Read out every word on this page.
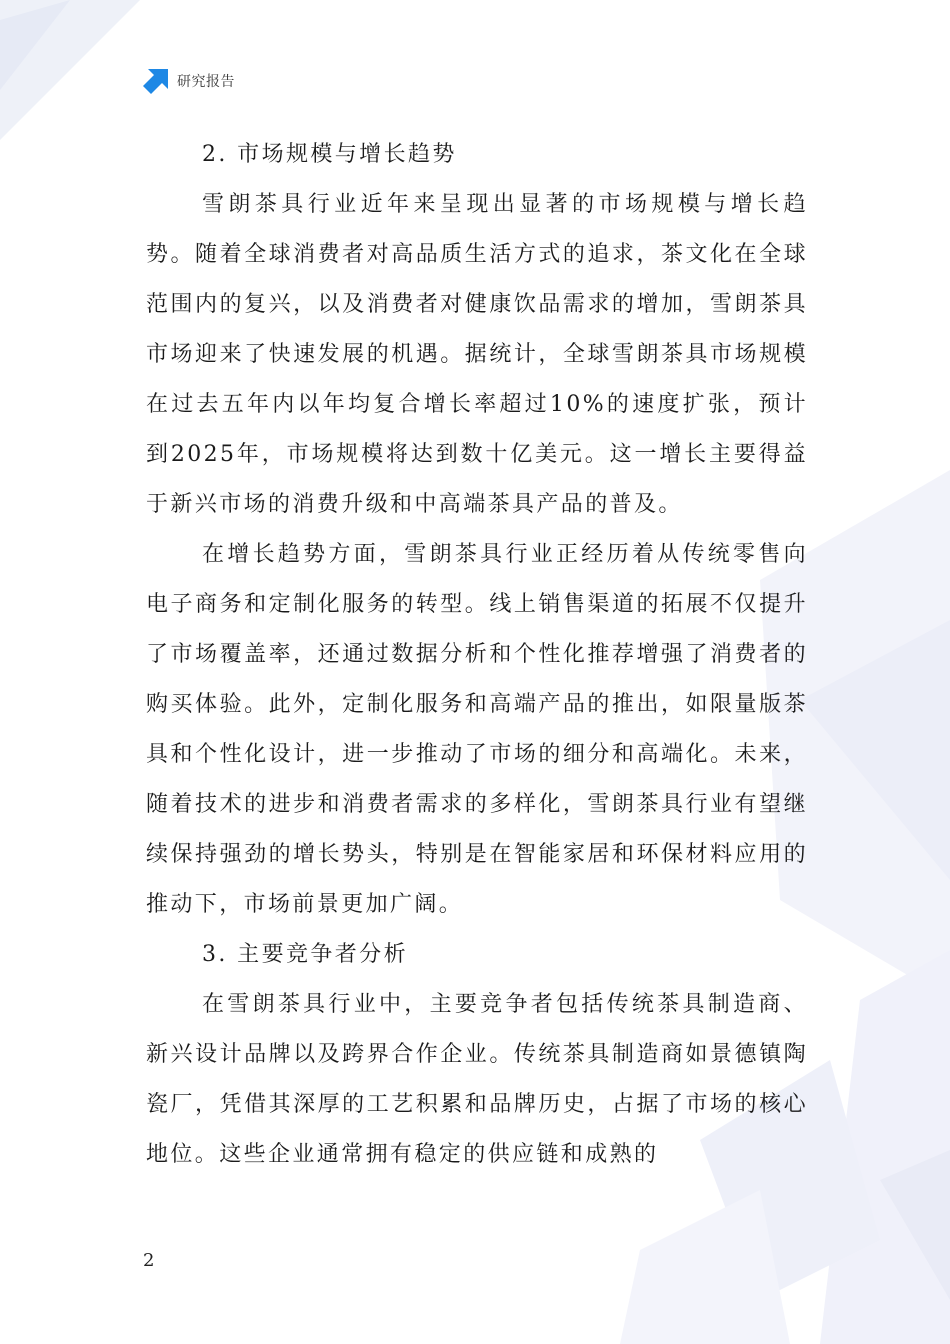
研究报告

2. 市场规模与增长趋势

雪朗茶具行业近年来呈现出显著的市场规模与增长趋势。随着全球消费者对高品质生活方式的追求，茶文化在全球范围内的复兴，以及消费者对健康饮品需求的增加，雪朗茶具市场迎来了快速发展的机遇。据统计，全球雪朗茶具市场规模在过去五年内以年均复合增长率超过10%的速度扩张，预计到2025年，市场规模将达到数十亿美元。这一增长主要得益于新兴市场的消费升级和中高端茶具产品的普及。

在增长趋势方面，雪朗茶具行业正经历着从传统零售向电子商务和定制化服务的转型。线上销售渠道的拓展不仅提升了市场覆盖率，还通过数据分析和个性化推荐增强了消费者的购买体验。此外，定制化服务和高端产品的推出，如限量版茶具和个性化设计，进一步推动了市场的细分和高端化。未来，随着技术的进步和消费者需求的多样化，雪朗茶具行业有望继续保持强劲的增长势头，特别是在智能家居和环保材料应用的推动下，市场前景更加广阔。

3. 主要竞争者分析

在雪朗茶具行业中，主要竞争者包括传统茶具制造商、新兴设计品牌以及跨界合作企业。传统茶具制造商如景德镇陶瓷厂，凭借其深厚的工艺积累和品牌历史，占据了市场的核心地位。这些企业通常拥有稳定的供应链和成熟的

2
